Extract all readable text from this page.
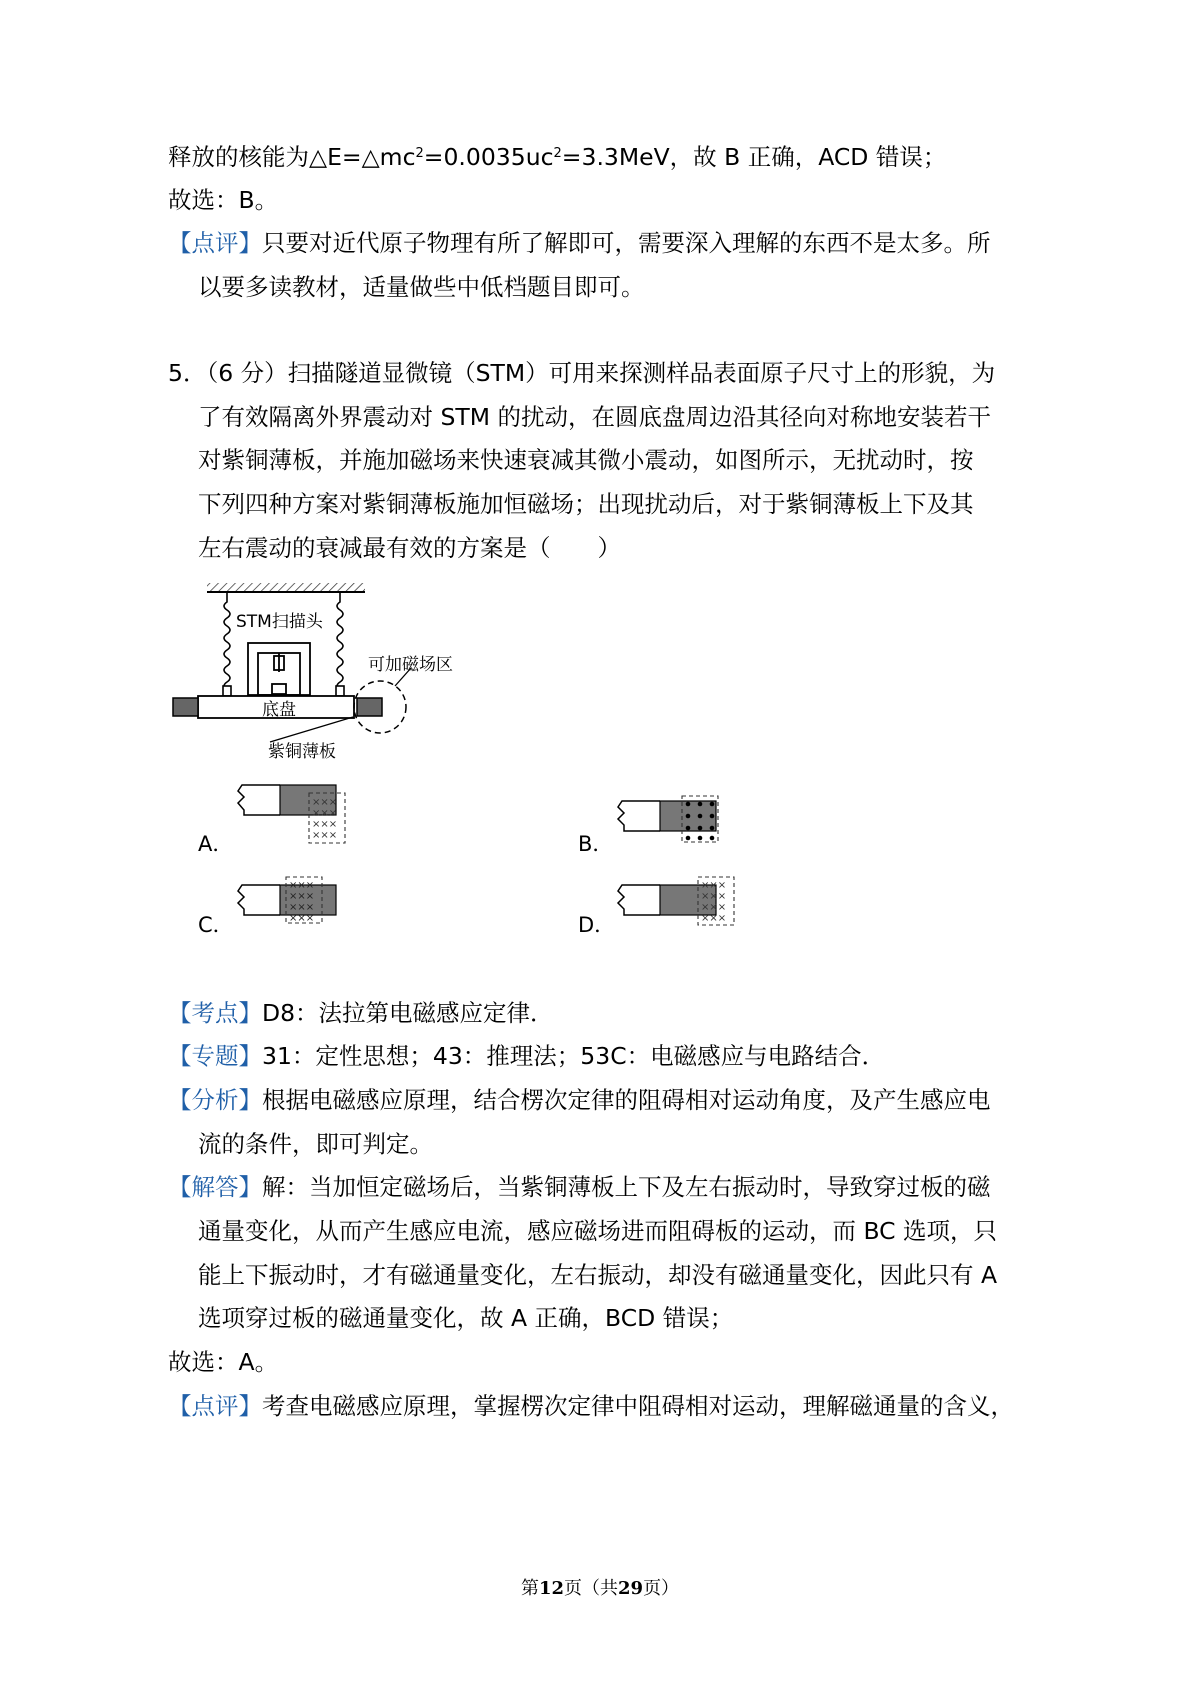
释放的核能为$\triangle E=\triangle mc^2=0.0035uc^2=3.3MeV$，故 B 正确，ACD 错误；
故选：B。
【点评】只要对近代原子物理有所了解即可，需要深入理解的东西不是太多。所
以要多读教材，适量做些中低档题目即可。
5．（6 分）扫描隧道显微镜（STM）可用来探测样品表面原子尺寸上的形貌，为
了有效隔离外界震动对 STM 的扰动，在圆底盘周边沿其径向对称地安装若干
对紫铜薄板，并施加磁场来快速衰减其微小震动，如图所示，无扰动时，按
下列四种方案对紫铜薄板施加恒磁场；出现扰动后，对于紫铜薄板上下及其
左右震动的衰减最有效的方案是（　　）
STM扫描头
可加磁场区
底盘
紫铜薄板
A．
×××
×××
×××
×××	B．
C．
×××
×××
×××
×××	D．
×××
×××
×××
×××
【考点】D8：法拉第电磁感应定律．
【专题】31：定性思想；43：推理法；53C：电磁感应与电路结合．
【分析】根据电磁感应原理，结合楞次定律的阻碍相对运动角度，及产生感应电
流的条件，即可判定。
【解答】解：当加恒定磁场后，当紫铜薄板上下及左右振动时，导致穿过板的磁
通量变化，从而产生感应电流，感应磁场进而阻碍板的运动，而 BC 选项，只
能上下振动时，才有磁通量变化，左右振动，却没有磁通量变化，因此只有 A
选项穿过板的磁通量变化，故 A 正确，BCD 错误；
故选：A。
【点评】考查电磁感应原理，掌握楞次定律中阻碍相对运动，理解磁通量的含义，
第12页（共29页）
